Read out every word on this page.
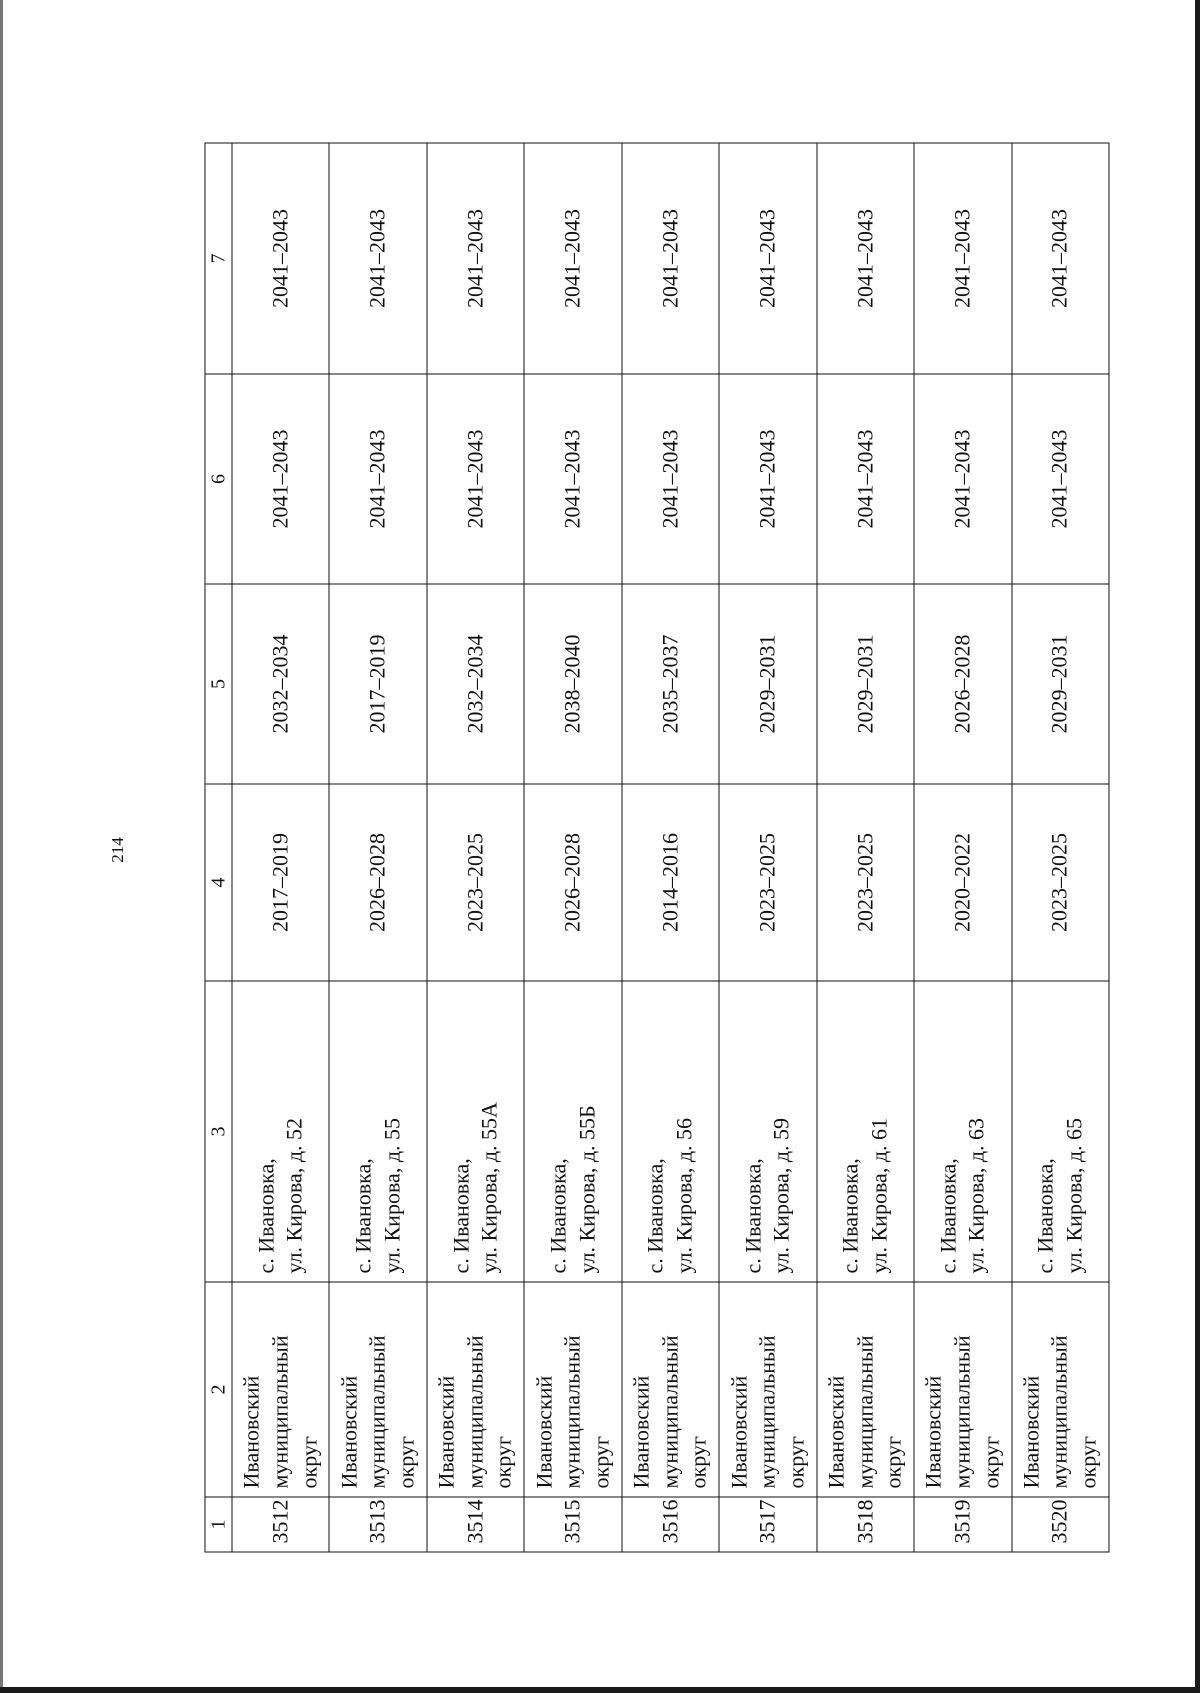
214
1	2	3	4	5	6	7
3512	Ивановский муниципальный округ	с. Ивановка, ул. Кирова, д. 52	2017–2019	2032–2034	2041–2043	2041–2043
3513	Ивановский муниципальный округ	с. Ивановка, ул. Кирова, д. 55	2026–2028	2017–2019	2041–2043	2041–2043
3514	Ивановский муниципальный округ	с. Ивановка, ул. Кирова, д. 55А	2023–2025	2032–2034	2041–2043	2041–2043
3515	Ивановский муниципальный округ	с. Ивановка, ул. Кирова, д. 55Б	2026–2028	2038–2040	2041–2043	2041–2043
3516	Ивановский муниципальный округ	с. Ивановка, ул. Кирова, д. 56	2014–2016	2035–2037	2041–2043	2041–2043
3517	Ивановский муниципальный округ	с. Ивановка, ул. Кирова, д. 59	2023–2025	2029–2031	2041–2043	2041–2043
3518	Ивановский муниципальный округ	с. Ивановка, ул. Кирова, д. 61	2023–2025	2029–2031	2041–2043	2041–2043
3519	Ивановский муниципальный округ	с. Ивановка, ул. Кирова, д. 63	2020–2022	2026–2028	2041–2043	2041–2043
3520	Ивановский муниципальный округ	с. Ивановка, ул. Кирова, д. 65	2023–2025	2029–2031	2041–2043	2041–2043
